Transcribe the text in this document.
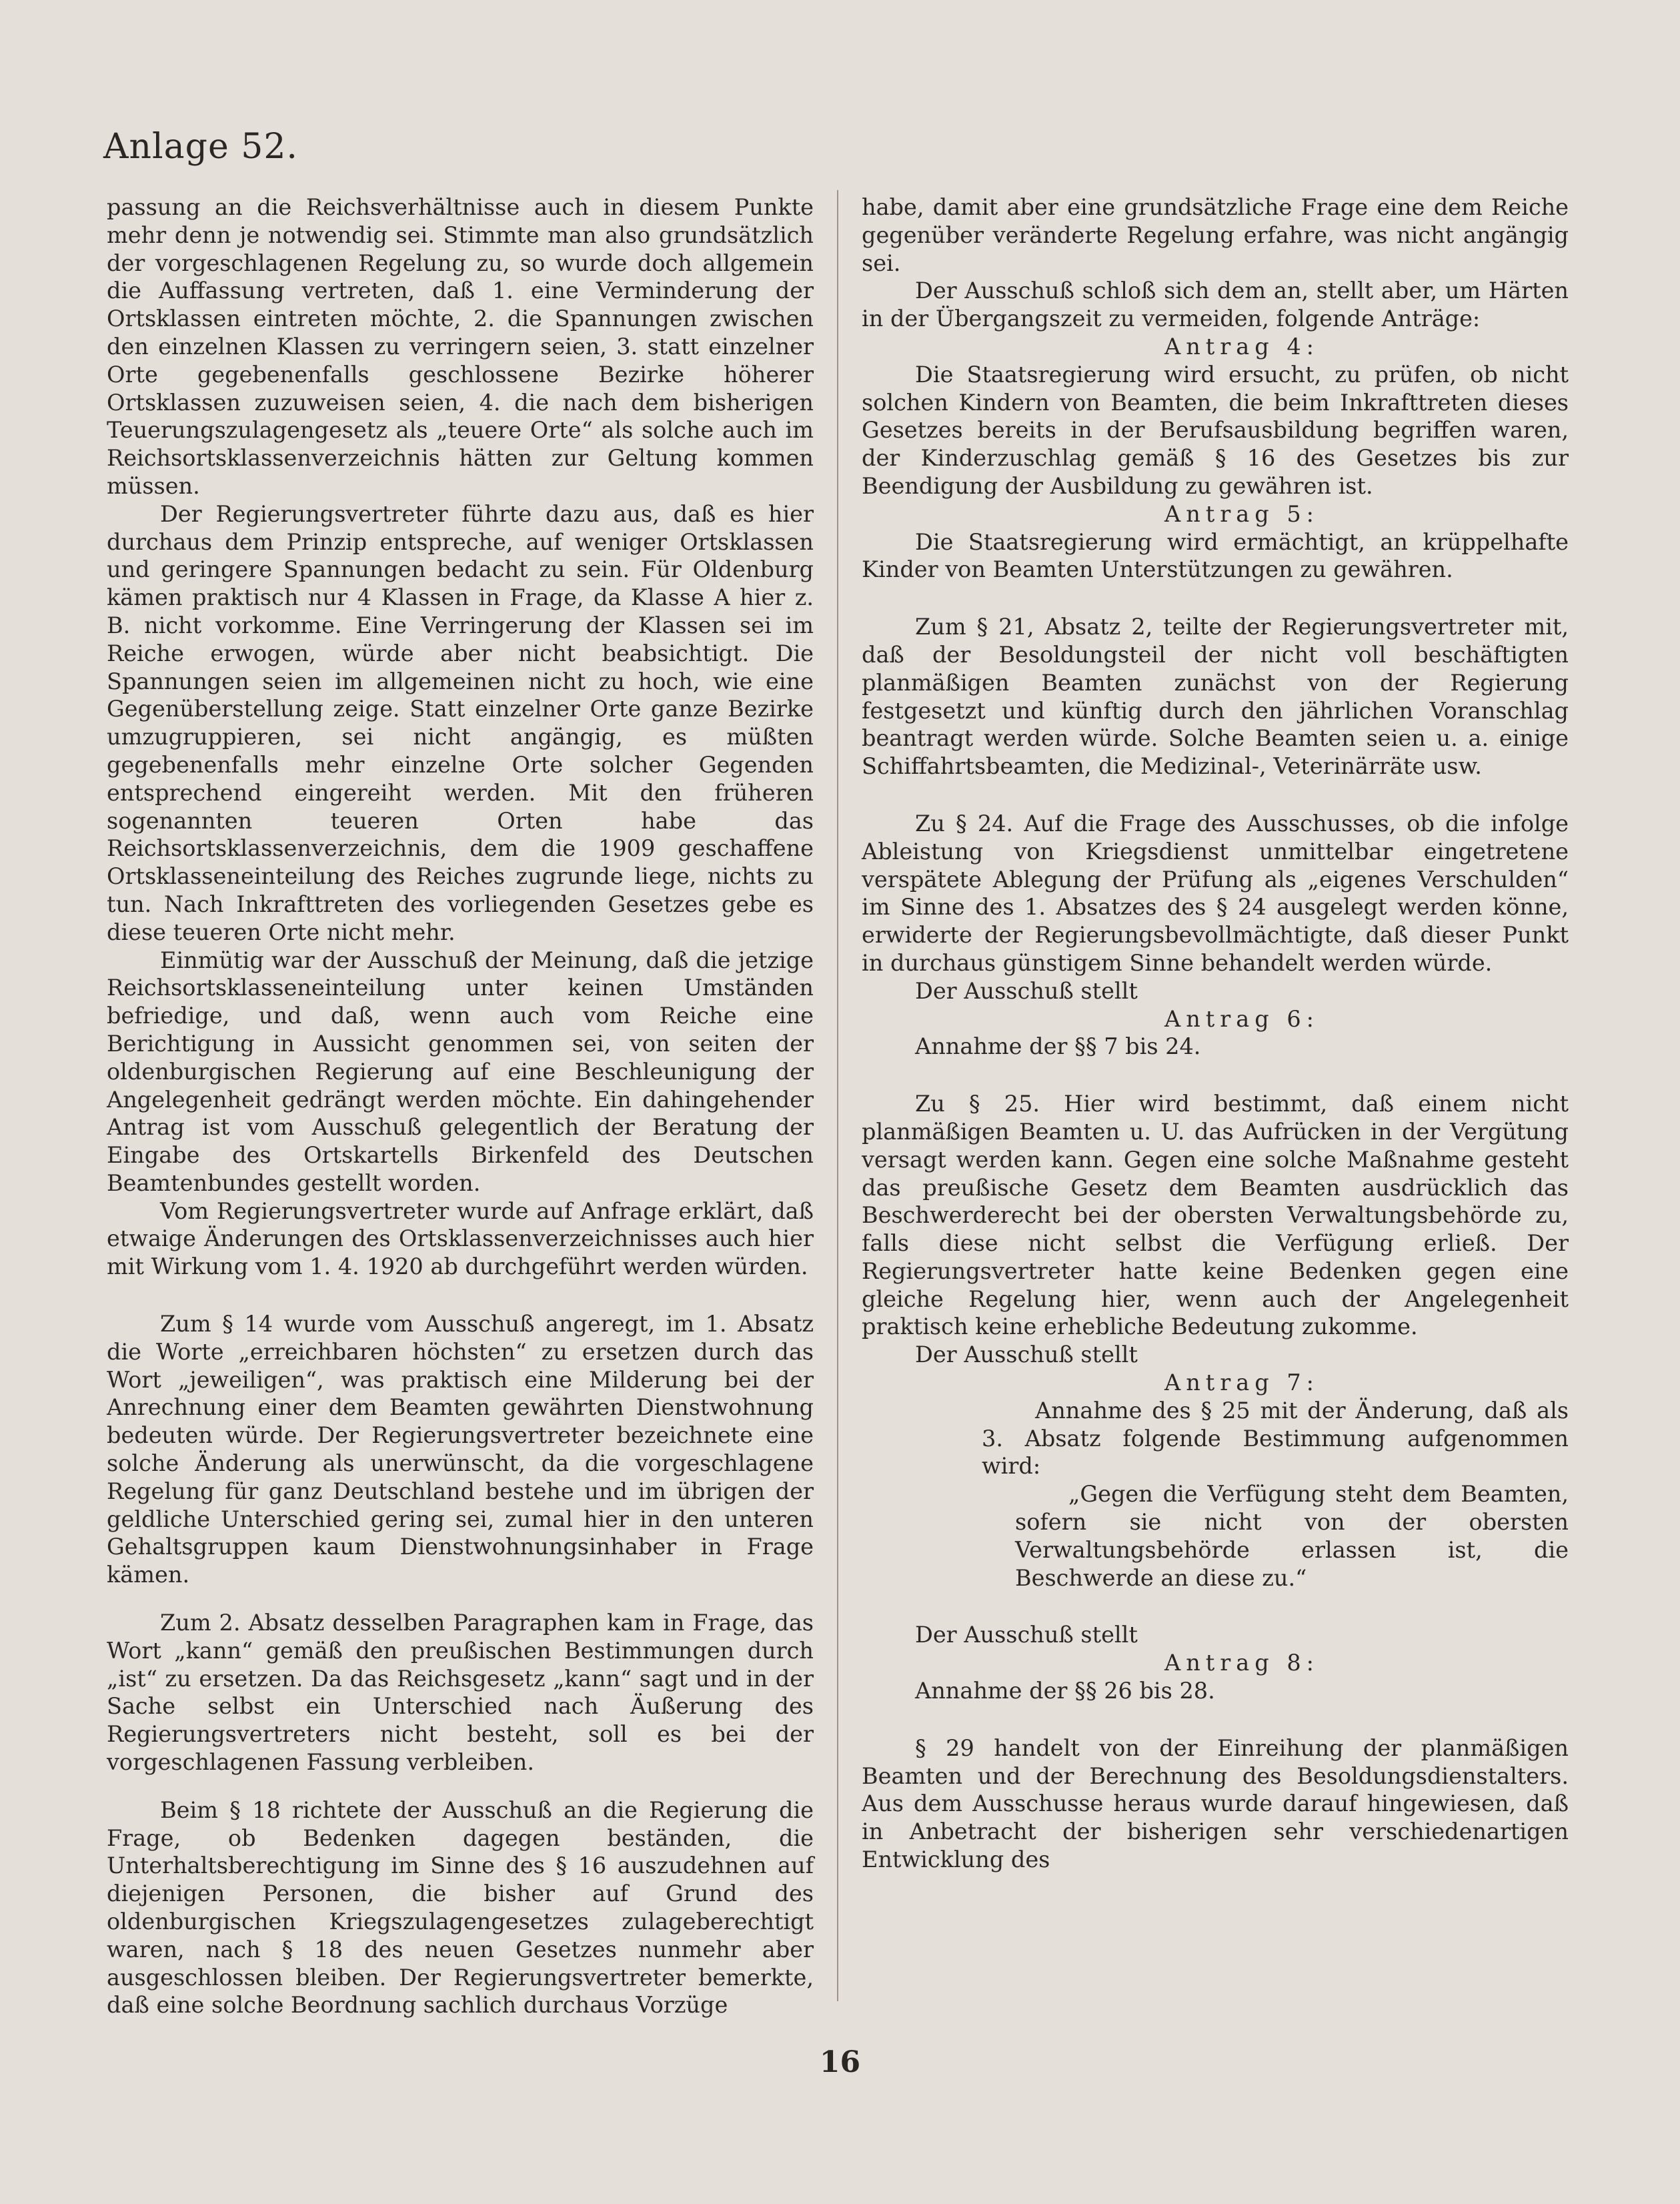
Anlage 52.

passung an die Reichsverhältnisse auch in diesem Punkte mehr denn je notwendig sei. Stimmte man also grundsätzlich der vorgeschlagenen Regelung zu, so wurde doch allgemein die Auffassung vertreten, daß 1. eine Verminderung der Ortsklassen eintreten möchte, 2. die Spannungen zwischen den einzelnen Klassen zu verringern seien, 3. statt einzelner Orte gegebenenfalls geschlossene Bezirke höherer Ortsklassen zuzuweisen seien, 4. die nach dem bisherigen Teuerungszulagengesetz als „teuere Orte“ als solche auch im Reichsortsklassenverzeichnis hätten zur Geltung kommen müssen.

Der Regierungsvertreter führte dazu aus, daß es hier durchaus dem Prinzip entspreche, auf weniger Ortsklassen und geringere Spannungen bedacht zu sein. Für Oldenburg kämen praktisch nur 4 Klassen in Frage, da Klasse A hier z. B. nicht vorkomme. Eine Verringerung der Klassen sei im Reiche erwogen, würde aber nicht beabsichtigt. Die Spannungen seien im allgemeinen nicht zu hoch, wie eine Gegenüberstellung zeige. Statt einzelner Orte ganze Bezirke umzugruppieren, sei nicht angängig, es müßten gegebenenfalls mehr einzelne Orte solcher Gegenden entsprechend eingereiht werden. Mit den früheren sogenannten teueren Orten habe das Reichsortsklassenverzeichnis, dem die 1909 geschaffene Ortsklasseneinteilung des Reiches zugrunde liege, nichts zu tun. Nach Inkrafttreten des vorliegenden Gesetzes gebe es diese teueren Orte nicht mehr.

Einmütig war der Ausschuß der Meinung, daß die jetzige Reichsortsklasseneinteilung unter keinen Umständen befriedige, und daß, wenn auch vom Reiche eine Berichtigung in Aussicht genommen sei, von seiten der oldenburgischen Regierung auf eine Beschleunigung der Angelegenheit gedrängt werden möchte. Ein dahingehender Antrag ist vom Ausschuß gelegentlich der Beratung der Eingabe des Ortskartells Birkenfeld des Deutschen Beamtenbundes gestellt worden.

Vom Regierungsvertreter wurde auf Anfrage erklärt, daß etwaige Änderungen des Ortsklassenverzeichnisses auch hier mit Wirkung vom 1. 4. 1920 ab durchgeführt werden würden.

Zum § 14 wurde vom Ausschuß angeregt, im 1. Absatz die Worte „erreichbaren höchsten“ zu ersetzen durch das Wort „jeweiligen“, was praktisch eine Milderung bei der Anrechnung einer dem Beamten gewährten Dienstwohnung bedeuten würde. Der Regierungsvertreter bezeichnete eine solche Änderung als unerwünscht, da die vorgeschlagene Regelung für ganz Deutschland bestehe und im übrigen der geldliche Unterschied gering sei, zumal hier in den unteren Gehaltsgruppen kaum Dienstwohnungsinhaber in Frage kämen.

Zum 2. Absatz desselben Paragraphen kam in Frage, das Wort „kann“ gemäß den preußischen Bestimmungen durch „ist“ zu ersetzen. Da das Reichsgesetz „kann“ sagt und in der Sache selbst ein Unterschied nach Äußerung des Regierungsvertreters nicht besteht, soll es bei der vorgeschlagenen Fassung verbleiben.

Beim § 18 richtete der Ausschuß an die Regierung die Frage, ob Bedenken dagegen beständen, die Unterhaltsberechtigung im Sinne des § 16 auszudehnen auf diejenigen Personen, die bisher auf Grund des oldenburgischen Kriegszulagengesetzes zulageberechtigt waren, nach § 18 des neuen Gesetzes nunmehr aber ausgeschlossen bleiben. Der Regierungsvertreter bemerkte, daß eine solche Beordnung sachlich durchaus Vorzüge

habe, damit aber eine grundsätzliche Frage eine dem Reiche gegenüber veränderte Regelung erfahre, was nicht angängig sei.

Der Ausschuß schloß sich dem an, stellt aber, um Härten in der Übergangszeit zu vermeiden, folgende Anträge:

Antrag 4:

Die Staatsregierung wird ersucht, zu prüfen, ob nicht solchen Kindern von Beamten, die beim Inkrafttreten dieses Gesetzes bereits in der Berufsausbildung begriffen waren, der Kinderzuschlag gemäß § 16 des Gesetzes bis zur Beendigung der Ausbildung zu gewähren ist.

Antrag 5:

Die Staatsregierung wird ermächtigt, an krüppelhafte Kinder von Beamten Unterstützungen zu gewähren.

Zum § 21, Absatz 2, teilte der Regierungsvertreter mit, daß der Besoldungsteil der nicht voll beschäftigten planmäßigen Beamten zunächst von der Regierung festgesetzt und künftig durch den jährlichen Voranschlag beantragt werden würde. Solche Beamten seien u. a. einige Schiffahrtsbeamten, die Medizinal-, Veterinärräte usw.

Zu § 24. Auf die Frage des Ausschusses, ob die infolge Ableistung von Kriegsdienst unmittelbar eingetretene verspätete Ablegung der Prüfung als „eigenes Verschulden“ im Sinne des 1. Absatzes des § 24 ausgelegt werden könne, erwiderte der Regierungsbevollmächtigte, daß dieser Punkt in durchaus günstigem Sinne behandelt werden würde.

Der Ausschuß stellt

Antrag 6:

Annahme der §§ 7 bis 24.

Zu § 25. Hier wird bestimmt, daß einem nicht planmäßigen Beamten u. U. das Aufrücken in der Vergütung versagt werden kann. Gegen eine solche Maßnahme gesteht das preußische Gesetz dem Beamten ausdrücklich das Beschwerderecht bei der obersten Verwaltungsbehörde zu, falls diese nicht selbst die Verfügung erließ. Der Regierungsvertreter hatte keine Bedenken gegen eine gleiche Regelung hier, wenn auch der Angelegenheit praktisch keine erhebliche Bedeutung zukomme.

Der Ausschuß stellt

Antrag 7:

Annahme des § 25 mit der Änderung, daß als 3. Absatz folgende Bestimmung aufgenommen wird:

„Gegen die Verfügung steht dem Beamten, sofern sie nicht von der obersten Verwaltungsbehörde erlassen ist, die Beschwerde an diese zu.“

Der Ausschuß stellt

Antrag 8:

Annahme der §§ 26 bis 28.

§ 29 handelt von der Einreihung der planmäßigen Beamten und der Berechnung des Besoldungsdienstalters. Aus dem Ausschusse heraus wurde darauf hingewiesen, daß in Anbetracht der bisherigen sehr verschiedenartigen Entwicklung des

16
